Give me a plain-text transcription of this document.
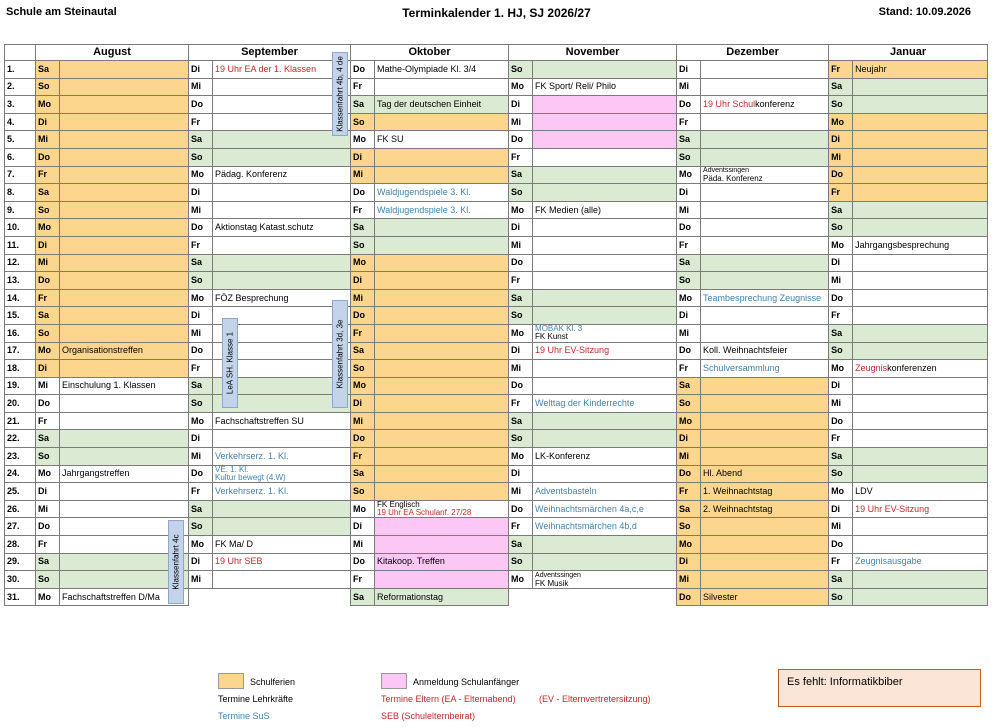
Schule am Steinautal	Terminkalender 1. HJ, SJ 2026/27	Stand: 10.09.2026
	August		September		Oktober		November		Dezember		Januar	
1.	Sa		Di	19 Uhr EA der 1. Klassen	Do	Mathe-Olympiade Kl. 3/4	So		Di		Fr	Neujahr
2.	So		Mi		Fr		Mo	FK Sport/ Reli/ Philo	Mi		Sa	
3.	Mo		Do		Sa	Tag der deutschen Einheit	Di		Do	19 Uhr Schulkonferenz	So	
4.	Di		Fr		So		Mi		Fr		Mo	
5.	Mi		Sa		Mo	FK SU	Do		Sa		Di	
6.	Do		So		Di		Fr		So		Mi	
7.	Fr		Mo	Pädag. Konferenz	Mi		Sa		Mo	Adventssingen
Päda. Konferenz	Do	
8.	Sa		Di		Do	Waldjugendspiele 3. Kl.	So		Di		Fr	
9.	So		Mi		Fr	Waldjugendspiele 3. Kl.	Mo	FK Medien (alle)	Mi		Sa	
10.	Mo		Do	Aktionstag Katast.schutz	Sa		Di		Do		So	
11.	Di		Fr		So		Mi		Fr		Mo	Jahrgangsbesprechung
12.	Mi		Sa		Mo		Do		Sa		Di	
13.	Do		So		Di		Fr		So		Mi	
14.	Fr		Mo	FÖZ Besprechung	Mi		Sa		Mo	Teambesprechung Zeugnisse	Do	
15.	Sa		Di		Do		So		Di		Fr	
16.	So		Mi		Fr		Mo	MOBAK Kl. 3
FK Kunst	Mi		Sa	
17.	Mo	Organisationstreffen	Do		Sa		Di	19 Uhr EV-Sitzung	Do	Koll. Weihnachtsfeier	So	
18.	Di		Fr		So		Mi		Fr	Schulversammlung	Mo	Zeugniskonferenzen
19.	Mi	Einschulung 1. Klassen	Sa		Mo		Do		Sa		Di	
20.	Do		So		Di		Fr	Welttag der Kinderrechte	So		Mi	
21.	Fr		Mo	Fachschaftstreffen SU	Mi		Sa		Mo		Do	
22.	Sa		Di		Do		So		Di		Fr	
23.	So		Mi	Verkehrserz. 1. Kl.	Fr		Mo	LK-Konferenz	Mi		Sa	
24.	Mo	Jahrgangstreffen	Do	VE. 1. Kl.
Kultur bewegt (4.W)	Sa		Di		Do	Hl. Abend	So	
25.	Di		Fr	Verkehrserz. 1. Kl.	So		Mi	Adventsbasteln	Fr	1. Weihnachtstag	Mo	LDV
26.	Mi		Sa		Mo	FK Englisch
19 Uhr EA Schulanf. 27/28	Do	Weihnachtsmärchen 4a,c,e	Sa	2. Weihnachtstag	Di	19 Uhr EV-Sitzung
27.	Do		So		Di		Fr	Weihnachtsmärchen 4b,d	So		Mi	
28.	Fr		Mo	FK Ma/ D	Mi		Sa		Mo		Do	
29.	Sa		Di	19 Uhr SEB	Do	Kitakoop. Treffen	So		Di		Fr	Zeugnisausgabe
30.	So		Mi		Fr		Mo	Adventssingen
FK Musik	Mi		Sa	
31.	Mo	Fachschaftstreffen D/Ma			Sa	Reformationstag			Do	Silvester	So	
Klassenfahrt 4b, 4 de
LeA SH. Klasse 1	Klassenfahrt 3d, 3e
Klassenfahrt 4c
Schulferien
Termine Lehrkräfte
Termine SuS
Anmeldung Schulanfänger
Termine Eltern (EA - Elternabend)	(EV - Elternvertretersitzung)
SEB (Schulelternbeirat)
Es fehlt: Informatikbiber
